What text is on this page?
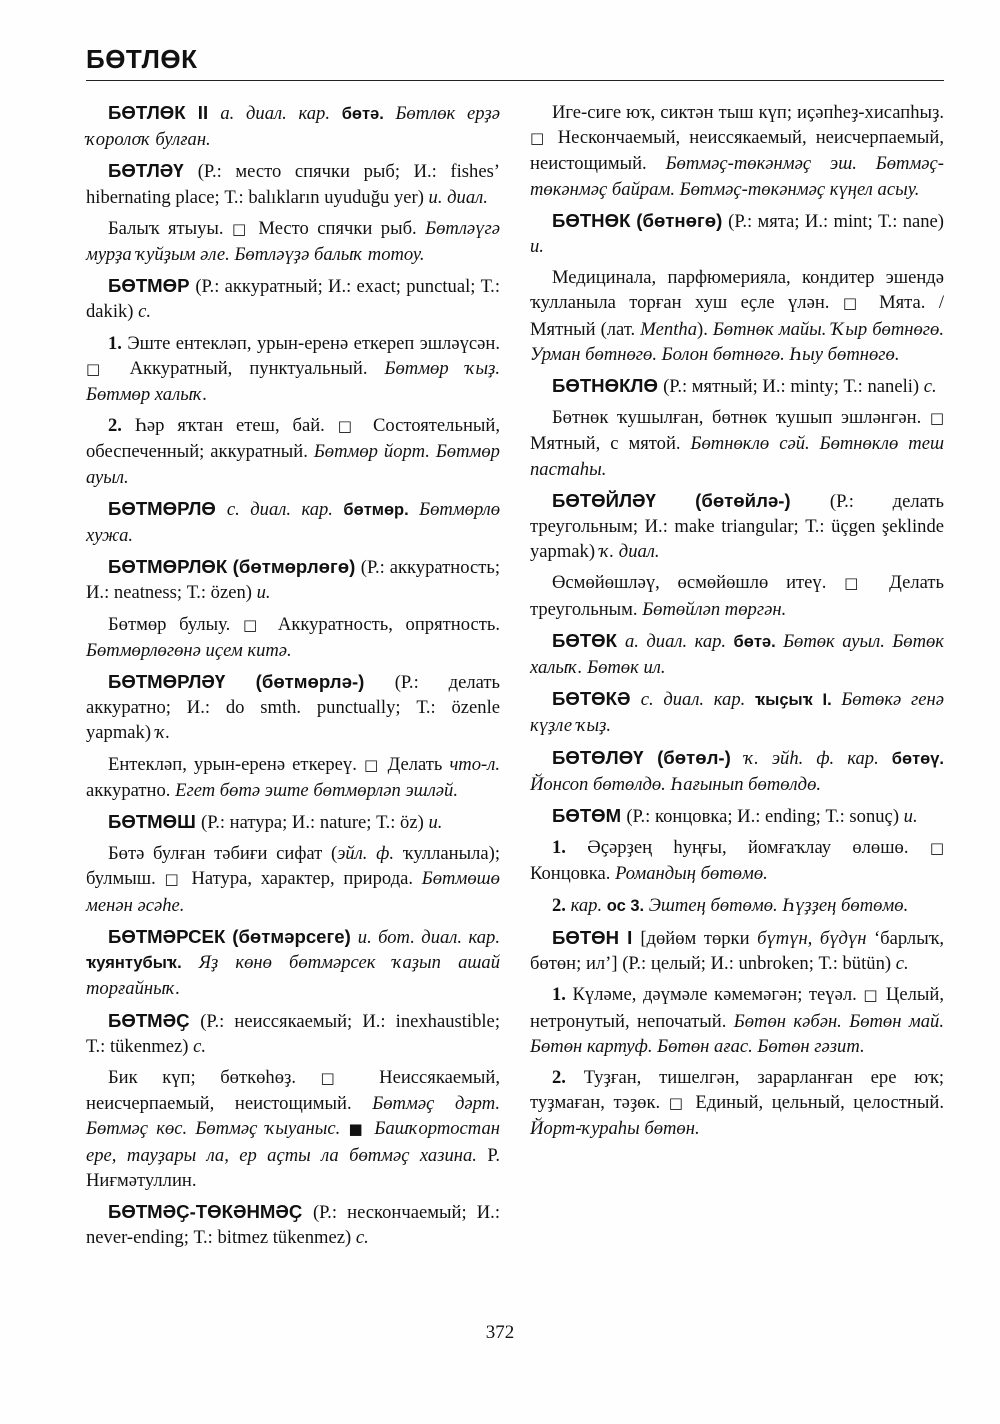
БӨТЛӨК

БӨТЛӨК II а. диал. кар. бөтә. Бөтлөк ерҙә ҡоролоҡ булған.

БӨТЛӘҮ (Р.: место спячки рыб; И.: fishes’ hibernating place; Т.: balıkların uyuduğu yer) и. диал.

Балыҡ ятыуы. □ Место спячки рыб. Бөтләүгә мурҙа ҡуйҙым әле. Бөтләүҙә балыҡ тотоу.

БӨТМӨР (Р.: аккуратный; И.: exact; punctual; Т.: dakik) с.

1. Эште ентекләп, урын-еренә еткереп эшләүсән. □ Аккуратный, пунктуальный. Бөтмөр ҡыҙ. Бөтмөр халыҡ.

2. Һәр яҡтан етеш, бай. □ Состоятельный, обеспеченный; аккуратный. Бөтмөр йорт. Бөтмөр ауыл.

БӨТМӨРЛӨ с. диал. кар. бөтмөр. Бөтмөрлө хужа.

БӨТМӨРЛӨК (бөтмөрлөгө) (Р.: аккуратность; И.: neatness; Т.: özen) и.

Бөтмөр булыу. □ Аккуратность, опрятность. Бөтмөрлөгөнә иҫем китә.

БӨТМӨРЛӘҮ (бөтмөрлә-) (Р.: делать аккуратно; И.: do smth. punctually; Т.: özenle yapmak) ҡ.

Ентекләп, урын-еренә еткереү. □ Делать что-л. аккуратно. Егет бөтә эште бөтмөрләп эшләй.

БӨТМӨШ (Р.: натура; И.: nature; Т.: öz) и.

Бөтә булған тәбиғи сифат (эйл. ф. ҡулланыла); булмыш. □ Натура, характер, природа. Бөтмөшө менән әсәһе.

БӨТМӘРСЕК (бөтмәрсеге) и. бот. диал. кар. ҡуянтубыҡ. Яҙ көнө бөтмәрсек ҡаҙып ашай торғайныҡ.

БӨТМӘҪ (Р.: неиссякаемый; И.: inexhaustible; Т.: tükenmez) с.

Бик күп; бөткөһөҙ. □ Неиссякаемый, неисчерпаемый, неистощимый. Бөтмәҫ дәрт. Бөтмәҫ көс. Бөтмәҫ ҡыуаныс. ■ Башҡортостан ере, тауҙары ла, ер аҫты ла бөтмәҫ хазина. Р. Ниғмәтуллин.

БӨТМӘҪ-ТӨКӘНМӘҪ (Р.: нескончаемый; И.: never-ending; Т.: bitmez tükenmez) с.

Иге-сиге юҡ, сиктән тыш күп; иҫәпһеҙ-хисапһыҙ. □ Нескончаемый, неиссякаемый, неисчерпаемый, неистощимый. Бөтмәҫ-төкәнмәҫ эш. Бөтмәҫ-төкәнмәҫ байрам. Бөтмәҫ-төкәнмәҫ күңел асыу.

БӨТНӨК (бөтнөгө) (Р.: мята; И.: mint; Т.: nane) и.

Медицинала, парфюмерияла, кондитер эшендә ҡулланыла торған хуш еҫле үлән. □ Мята. / Мятный (лат. Mentha). Бөтнөк майы. Ҡыр бөтнөгө. Урман бөтнөгө. Болон бөтнөгө. Һыу бөтнөгө.

БӨТНӨКЛӨ (Р.: мятный; И.: minty; Т.: naneli) с.

Бөтнөк ҡушылған, бөтнөк ҡушып эшләнгән. □ Мятный, с мятой. Бөтнөклө сәй. Бөтнөклө теш пастаһы.

БӨТӨЙЛӘҮ (бөтөйлә-) (Р.: делать треугольным; И.: make triangular; Т.: üçgen şeklinde yapmak) ҡ. диал.

Өсмөйөшләү, өсмөйөшлө итеү. □ Делать треугольным. Бөтөйләп төргән.

БӨТӨК а. диал. кар. бөтә. Бөтөк ауыл. Бөтөк халыҡ. Бөтөк ил.

БӨТӨКӘ с. диал. кар. ҡыҫыҡ I. Бөтөкә генә күҙле ҡыҙ.

БӨТӨЛӨҮ (бөтөл-) ҡ. эйһ. ф. кар. бөтөү. Йонсоп бөтөлдө. Һағынып бөтөлдө.

БӨТӨМ (Р.: концовка; И.: ending; Т.: sonuç) и.

1. Әҫәрҙең һуңғы, йомғаҡлау өлөшө. □ Концовка. Романдың бөтөмө.

2. кар. ос 3. Эштең бөтөмө. Һүҙҙең бөтөмө.

БӨТӨН I [дөйөм төрки бүтүн, бүдүн ‘барлыҡ, бөтөн; ил’] (Р.: целый; И.: unbroken; Т.: bütün) с.

1. Күләме, дәүмәле кәмемәгән; теүәл. □ Целый, нетронутый, непочатый. Бөтөн кәбән. Бөтөн май. Бөтөн картуф. Бөтөн ағас. Бөтөн гәзит.

2. Туҙған, тишелгән, зарарланған ере юҡ; туҙмаған, тәҙөк. □ Единый, цельный, целостный. Йорт-ҡураһы бөтөн.

372
